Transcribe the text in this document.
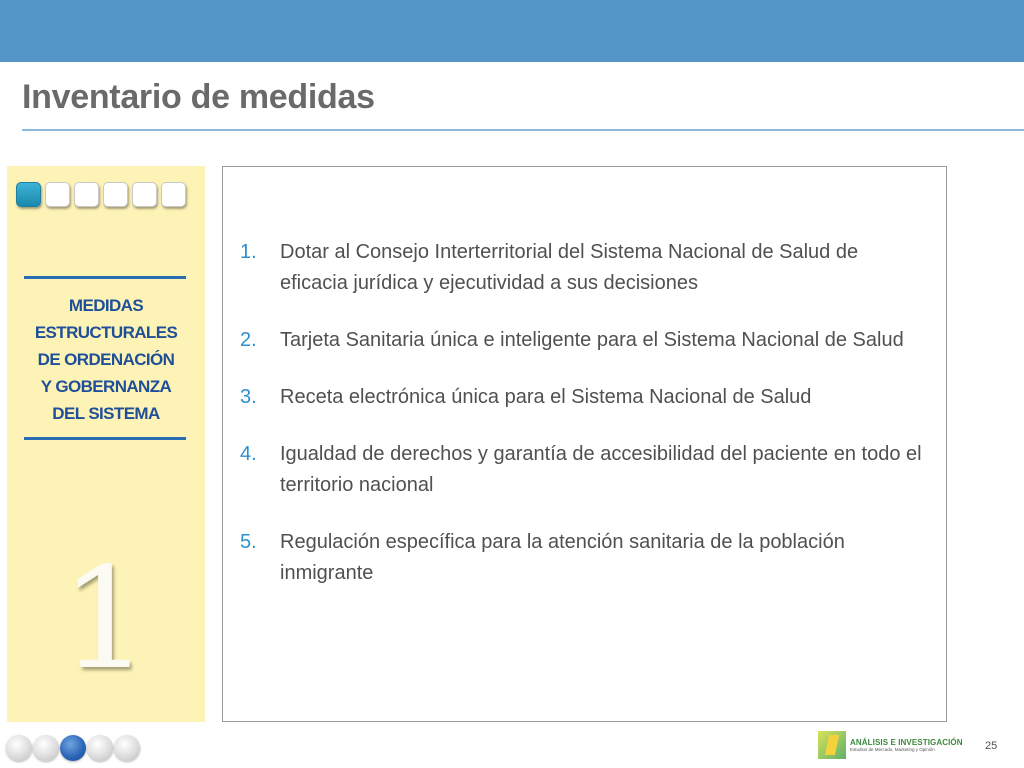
Inventario de medidas
MEDIDAS
ESTRUCTURALES
DE ORDENACIÓN
Y GOBERNANZA
DEL SISTEMA
1
1. Dotar al Consejo Interterritorial del Sistema Nacional de Salud de eficacia jurídica y ejecutividad a sus decisiones
2. Tarjeta Sanitaria única e inteligente para el Sistema Nacional de Salud
3. Receta electrónica única para el Sistema Nacional de Salud
4. Igualdad de derechos y garantía de accesibilidad del paciente en todo el territorio nacional
5. Regulación específica para la atención sanitaria de la población inmigrante
ANÁLISIS E INVESTIGACIÓN
Estudios de Mercado, Marketing y Opinión	25
